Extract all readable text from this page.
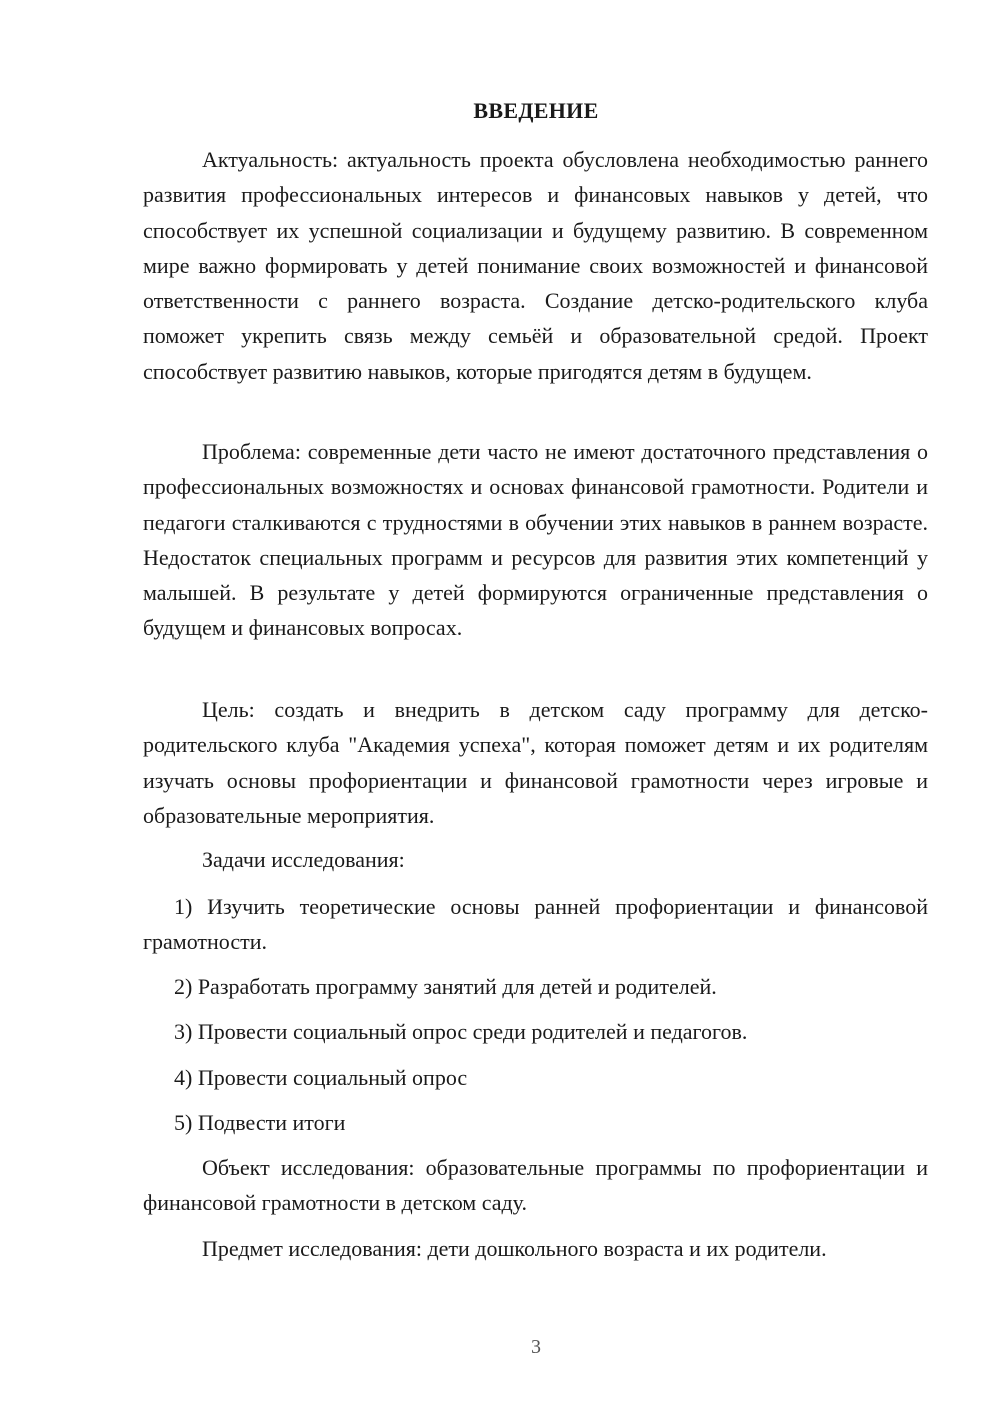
ВВЕДЕНИЕ

Актуальность: актуальность проекта обусловлена необходимостью раннего развития профессиональных интересов и финансовых навыков у детей, что способствует их успешной социализации и будущему развитию. В современном мире важно формировать у детей понимание своих возможностей и финансовой ответственности с раннего возраста. Создание детско-родительского клуба поможет укрепить связь между семьёй и образовательной средой. Проект способствует развитию навыков, которые пригодятся детям в будущем.

Проблема: современные дети часто не имеют достаточного представления о профессиональных возможностях и основах финансовой грамотности. Родители и педагоги сталкиваются с трудностями в обучении этих навыков в раннем возрасте. Недостаток специальных программ и ресурсов для развития этих компетенций у малышей. В результате у детей формируются ограниченные представления о будущем и финансовых вопросах.

Цель: создать и внедрить в детском саду программу для детско-родительского клуба "Академия успеха", которая поможет детям и их родителям изучать основы профориентации и финансовой грамотности через игровые и образовательные мероприятия.

Задачи исследования:

1) Изучить теоретические основы ранней профориентации и финансовой грамотности.

2) Разработать программу занятий для детей и родителей.

3) Провести социальный опрос среди родителей и педагогов.

4) Провести социальный опрос

5) Подвести итоги

Объект исследования: образовательные программы по профориентации и финансовой грамотности в детском саду.

Предмет исследования: дети дошкольного возраста и их родители.

3
